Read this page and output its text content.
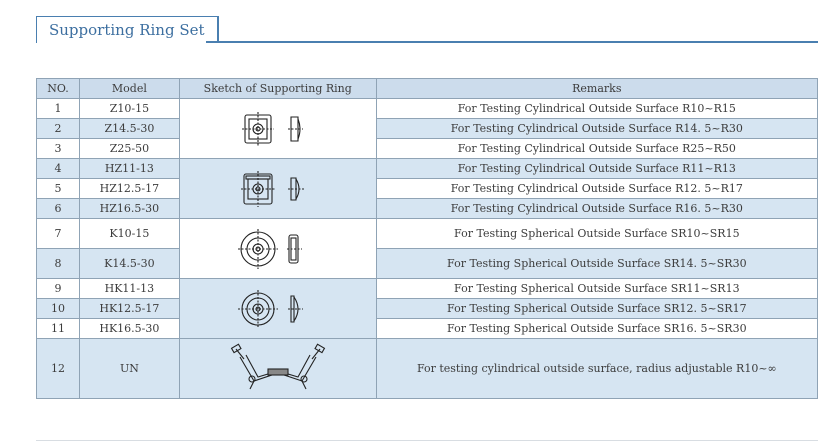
Supporting Ring Set
NO.	Model	Sketch of Supporting Ring	Remarks
1	Z10-15		For Testing Cylindrical Outside Surface R10~R15
2	Z14.5-30		For Testing Cylindrical Outside Surface R14. 5~R30
3	Z25-50		For Testing Cylindrical Outside Surface R25~R50
4	HZ11-13		For Testing Cylindrical Outside Surface R11~R13
5	HZ12.5-17		For Testing Cylindrical Outside Surface R12. 5~R17
6	HZ16.5-30		For Testing Cylindrical Outside Surface R16. 5~R30
7	K10-15		For Testing Spherical Outside Surface SR10~SR15
8	K14.5-30		For Testing Spherical Outside Surface SR14. 5~SR30
9	HK11-13		For Testing Spherical Outside Surface SR11~SR13
10	HK12.5-17		For Testing Spherical Outside Surface SR12. 5~SR17
11	HK16.5-30		For Testing Spherical Outside Surface SR16. 5~SR30
12	UN		For testing cylindrical outside surface, radius adjustable R10~∞
